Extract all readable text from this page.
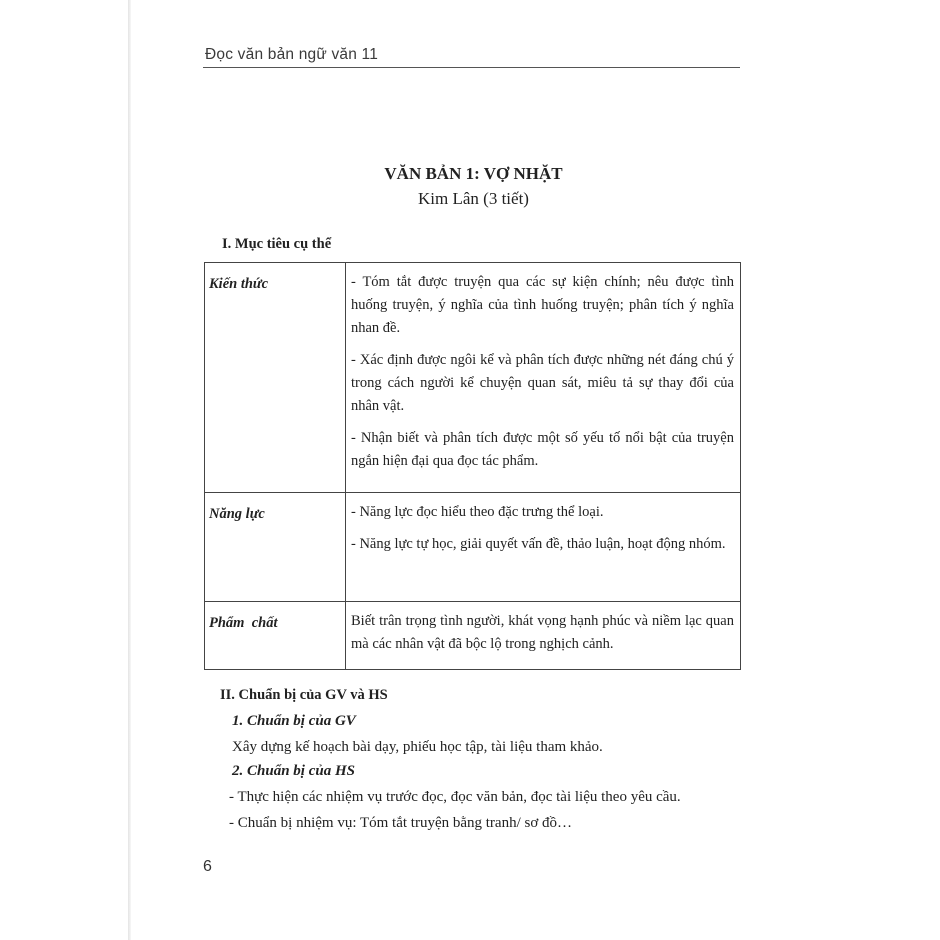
Đọc văn bản ngữ văn 11
VĂN BẢN 1: VỢ NHẶT
Kim Lân (3 tiết)
I. Mục tiêu cụ thể
Kiến thức	- Tóm tắt được truyện qua các sự kiện chính; nêu được tình huống truyện, ý nghĩa của tình huống truyện; phân tích ý nghĩa nhan đề.

- Xác định được ngôi kể và phân tích được những nét đáng chú ý trong cách người kể chuyện quan sát, miêu tả sự thay đổi của nhân vật.

- Nhận biết và phân tích được một số yếu tố nổi bật của truyện ngắn hiện đại qua đọc tác phẩm.

Năng lực	- Năng lực đọc hiểu theo đặc trưng thể loại.

- Năng lực tự học, giải quyết vấn đề, thảo luận, hoạt động nhóm.

Phẩm  chất	Biết trân trọng tình người, khát vọng hạnh phúc và niềm lạc quan mà các nhân vật đã bộc lộ trong nghịch cảnh.

II. Chuẩn bị của GV và HS
1. Chuẩn bị của GV
Xây dựng kế hoạch bài dạy, phiếu học tập, tài liệu tham khảo.
2. Chuẩn bị của HS
- Thực hiện các nhiệm vụ trước đọc, đọc văn bản, đọc tài liệu theo yêu cầu.
- Chuẩn bị nhiệm vụ: Tóm tắt truyện bằng tranh/ sơ đồ…
6
